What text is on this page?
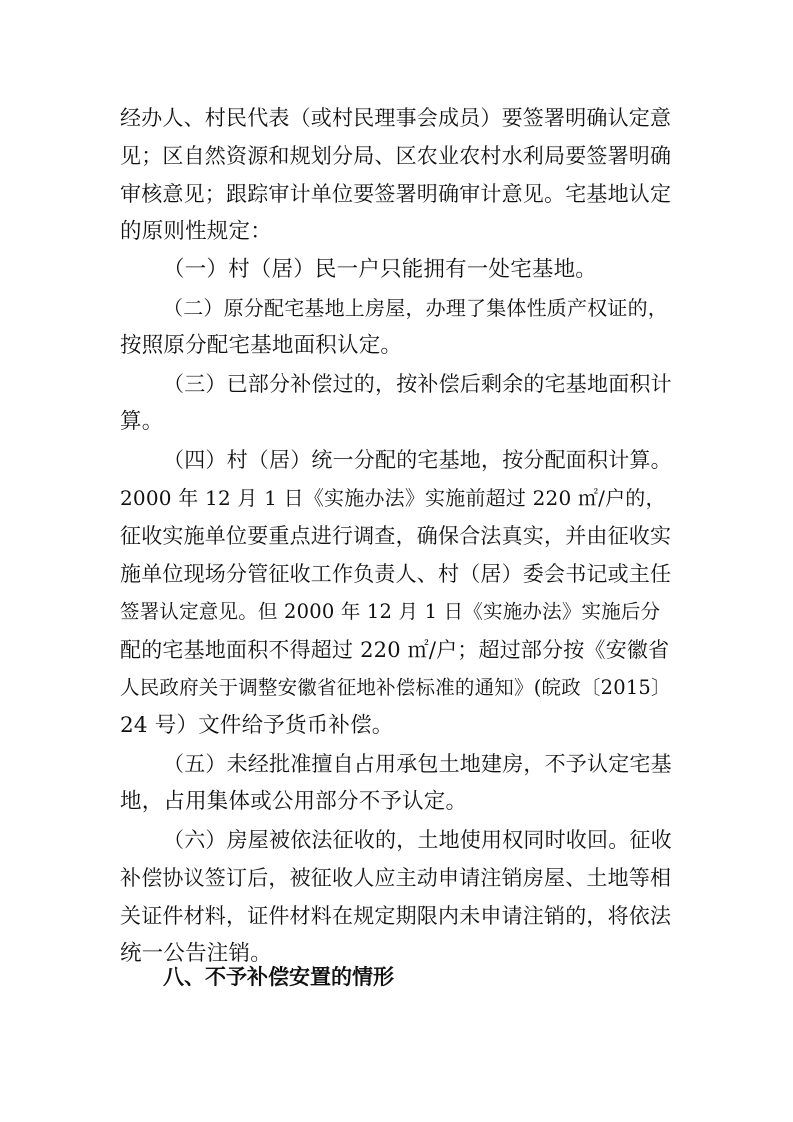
经办人、村民代表（或村民理事会成员）要签署明确认定意
见；区自然资源和规划分局、区农业农村水利局要签署明确
审核意见；跟踪审计单位要签署明确审计意见。宅基地认定
的原则性规定：
（一）村（居）民一户只能拥有一处宅基地。
（二）原分配宅基地上房屋，办理了集体性质产权证的，
按照原分配宅基地面积认定。
（三）已部分补偿过的，按补偿后剩余的宅基地面积计
算。
（四）村（居）统一分配的宅基地，按分配面积计算。
2000 年 12 月 1 日《实施办法》实施前超过 220 ㎡/户的，
征收实施单位要重点进行调查，确保合法真实，并由征收实
施单位现场分管征收工作负责人、村（居）委会书记或主任
签署认定意见。但 2000 年 12 月 1 日《实施办法》实施后分
配的宅基地面积不得超过 220 ㎡/户；超过部分按《安徽省
人民政府关于调整安徽省征地补偿标准的通知》(皖政〔2015〕
24 号）文件给予货币补偿。
（五）未经批准擅自占用承包土地建房，不予认定宅基
地，占用集体或公用部分不予认定。
（六）房屋被依法征收的，土地使用权同时收回。征收
补偿协议签订后，被征收人应主动申请注销房屋、土地等相
关证件材料，证件材料在规定期限内未申请注销的，将依法
统一公告注销。
八、不予补偿安置的情形
